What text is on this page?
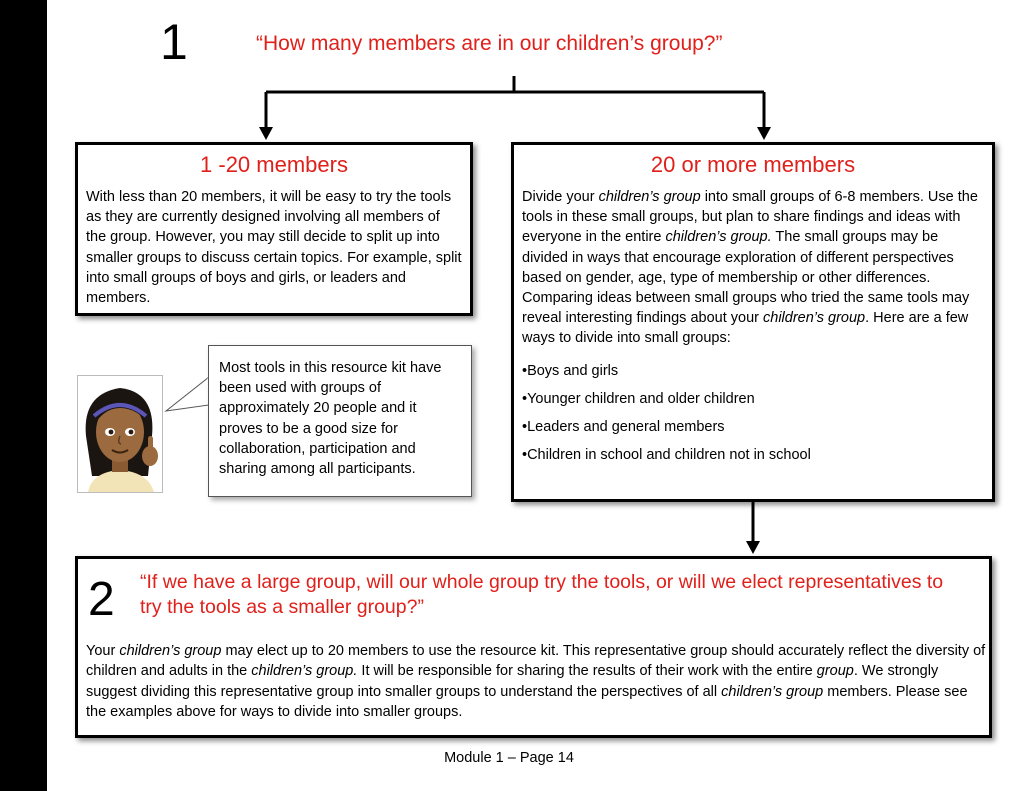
1	“How many members are in our children’s group?”
1 -20 members
With less than 20 members, it will be easy to try the tools as they are currently designed involving all members of the group. However, you may still decide to split up into smaller groups to discuss certain topics. For example, split into small groups of boys and girls, or leaders and members.
20 or more members
Divide your children’s group into small groups of 6-8 members. Use the tools in these small groups, but plan to share findings and ideas with everyone in the entire children’s group. The small groups may be divided in ways that encourage exploration of different perspectives based on gender, age, type of membership or other differences. Comparing ideas between small groups who tried the same tools may reveal interesting findings about your children’s group. Here are a few ways to divide into small groups:
•Boys and girls
•Younger children and older children
•Leaders and general members
•Children in school and children not in school
Most tools in this resource kit have been used with groups of approximately 20 people and it proves to be a good size for collaboration, participation and sharing among all participants.
2 “If we have a large group, will our whole group try the tools, or will we elect representatives to try the tools as a smaller group?”
Your children’s group may elect up to 20 members to use the resource kit. This representative group should accurately reflect the diversity of children and adults in the children’s group. It will be responsible for sharing the results of their work with the entire group. We strongly suggest dividing this representative group into smaller groups to understand the perspectives of all children’s group members. Please see the examples above for ways to divide into smaller groups.
Module 1 – Page 14
